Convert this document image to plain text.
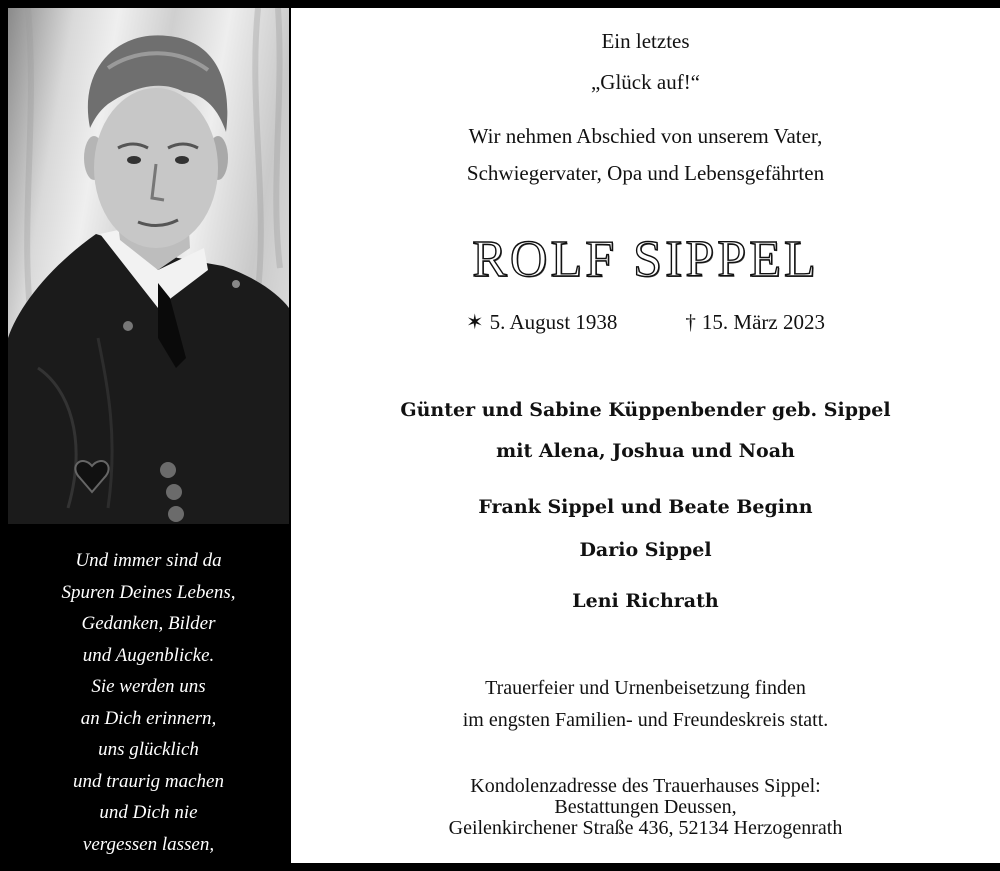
Und immer sind da
Spuren Deines Lebens,
Gedanken, Bilder
und Augenblicke.
Sie werden uns
an Dich erinnern,
uns glücklich
und traurig machen
und Dich nie
vergessen lassen,
Ein letztes
„Glück auf!“
Wir nehmen Abschied von unserem Vater,
Schwiegervater, Opa und Lebensgefährten
ROLF SIPPEL
✶ 5. August 1938	† 15. März 2023
Günter und Sabine Küppenbender geb. Sippel
mit Alena, Joshua und Noah
Frank Sippel und Beate Beginn
Dario Sippel
Leni Richrath
Trauerfeier und Urnenbeisetzung finden
im engsten Familien- und Freundeskreis statt.
Kondolenzadresse des Trauerhauses Sippel:
Bestattungen Deussen,
Geilenkirchener Straße 436, 52134 Herzogenrath
